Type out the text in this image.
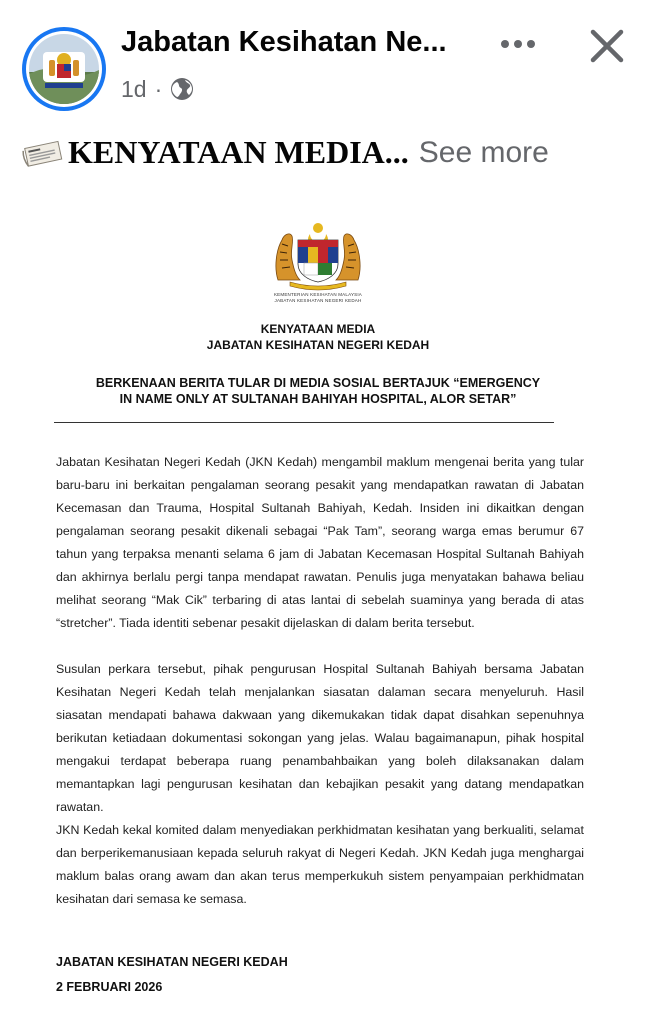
Jabatan Kesihatan Ne...
1d ·
KENYATAAN MEDIA... See more
KEMENTERIAN KESIHATAN MALAYSIA
JABATAN KESIHATAN NEGERI KEDAH
KENYATAAN MEDIA
JABATAN KESIHATAN NEGERI KEDAH
BERKENAAN BERITA TULAR DI MEDIA SOSIAL BERTAJUK “EMERGENCY
IN NAME ONLY AT SULTANAH BAHIYAH HOSPITAL, ALOR SETAR”

Jabatan Kesihatan Negeri Kedah (JKN Kedah) mengambil maklum mengenai berita yang tular baru-baru ini berkaitan pengalaman seorang pesakit yang mendapatkan rawatan di Jabatan Kecemasan dan Trauma, Hospital Sultanah Bahiyah, Kedah. Insiden ini dikaitkan dengan pengalaman seorang pesakit dikenali sebagai “Pak Tam”, seorang warga emas berumur 67 tahun yang terpaksa menanti selama 6 jam di Jabatan Kecemasan Hospital Sultanah Bahiyah dan akhirnya berlalu pergi tanpa mendapat rawatan. Penulis juga menyatakan bahawa beliau melihat seorang “Mak Cik” terbaring di atas lantai di sebelah suaminya yang berada di atas “stretcher”. Tiada identiti sebenar pesakit dijelaskan di dalam berita tersebut.

Susulan perkara tersebut, pihak pengurusan Hospital Sultanah Bahiyah bersama Jabatan Kesihatan Negeri Kedah telah menjalankan siasatan dalaman secara menyeluruh. Hasil siasatan mendapati bahawa dakwaan yang dikemukakan tidak dapat disahkan sepenuhnya berikutan ketiadaan dokumentasi sokongan yang jelas. Walau bagaimanapun, pihak hospital mengakui terdapat beberapa ruang penambahbaikan yang boleh dilaksanakan dalam memantapkan lagi pengurusan kesihatan dan kebajikan pesakit yang datang mendapatkan rawatan.

JKN Kedah kekal komited dalam menyediakan perkhidmatan kesihatan yang berkualiti, selamat dan berperikemanusiaan kepada seluruh rakyat di Negeri Kedah. JKN Kedah juga menghargai maklum balas orang awam dan akan terus memperkukuh sistem penyampaian perkhidmatan kesihatan dari semasa ke semasa.

JABATAN KESIHATAN NEGERI KEDAH
2 FEBRUARI 2026
